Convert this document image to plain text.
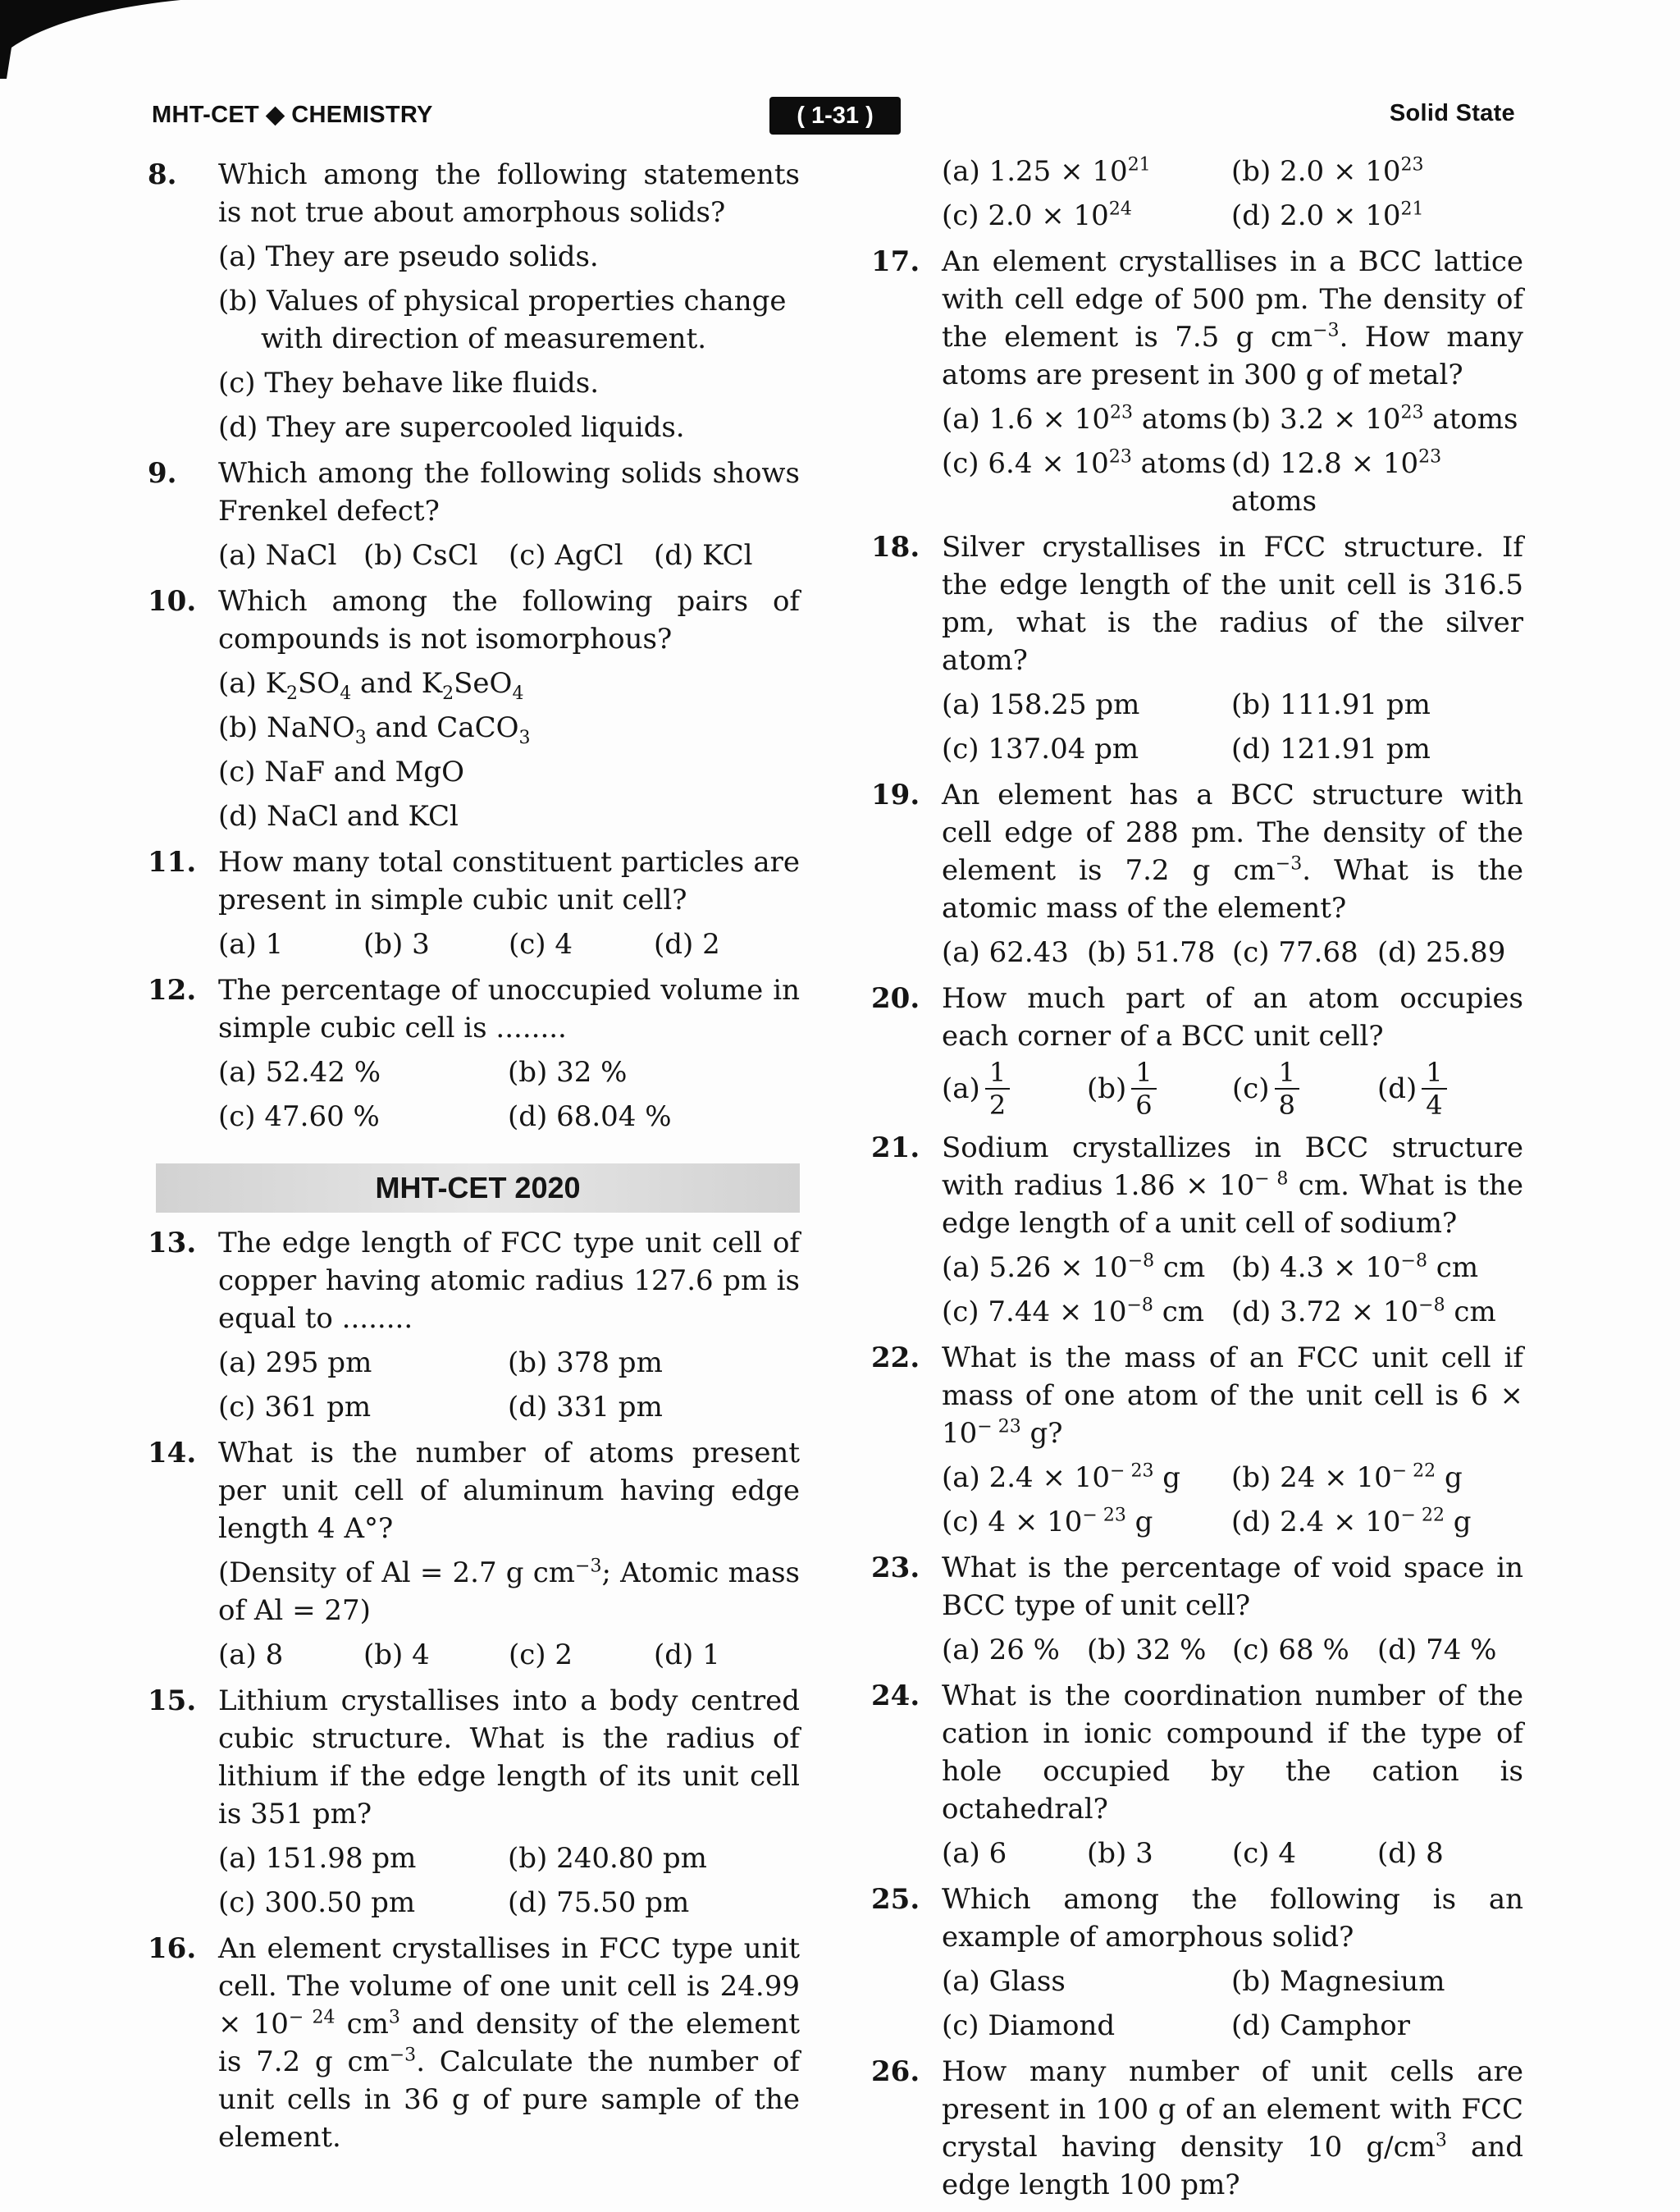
MHT-CET ◆ CHEMISTRY	( 1-31 )	Solid State
8. Which among the following statements is not true about amorphous solids?
(a) They are pseudo solids.
(b) Values of physical properties change with direction of measurement.
(c) They behave like fluids.
(d) They are supercooled liquids.
9. Which among the following solids shows Frenkel defect?
(a) NaCl (b) CsCl	(c) AgCl	(d) KCl
10. Which among the following pairs of compounds is not isomorphous?
(a) $K_2SO_4$ and $K_2SeO_4$
(b) NaNO$_3$ and CaCO$_3$
(c) NaF and MgO
(d) NaCl and KCl
11. How many total constituent particles are present in simple cubic unit cell?
(a) 1	(b) 3	(c) 4	(d) 2
12. The percentage of unoccupied volume in simple cubic cell is ........
(a) 52.42 %	(b) 32 %
(c) 47.60 %	(d) 68.04 %
MHT-CET 2020
13. The edge length of FCC type unit cell of copper having atomic radius 127.6 pm is equal to ........
(a) 295 pm	(b) 378 pm
(c) 361 pm	(d) 331 pm
14. What is the number of atoms present per unit cell of aluminum having edge length 4 A°?
(Density of Al = 2.7 g $cm^{-3}$; Atomic mass of Al = 27)
(a) 8	(b) 4	(c) 2	(d) 1
15. Lithium crystallises into a body centred cubic structure. What is the radius of lithium if the edge length of its unit cell is 351 pm?
(a) 151.98 pm	(b) 240.80 pm
(c) 300.50 pm	(d) 75.50 pm
16. An element crystallises in FCC type unit cell. The volume of one unit cell is $24.99 \times 10^{- 24}$ $cm^3$ and density of the element is 7.2 g $cm^{-3}$. Calculate the number of unit cells in 36 g of pure sample of the element.
(a) $1.25 \times 10^{21}$	(b) $2.0 \times 10^{23}$
(c) $2.0 \times 10^{24}$	(d) $2.0 \times 10^{21}$
17. An element crystallises in a BCC lattice with cell edge of 500 pm. The density of the element is 7.5 g $cm^{-3}$. How many atoms are present in 300 g of metal?
(a) $1.6 \times 10^{23}$ atoms (b) $3.2 \times 10^{23}$ atoms
(c) $6.4 \times 10^{23}$ atoms (d) $12.8 \times 10^{23}$ atoms
18. Silver crystallises in FCC structure. If the edge length of the unit cell is 316.5 pm, what is the radius of the silver atom?
(a) 158.25 pm	(b) 111.91 pm
(c) 137.04 pm	(d) 121.91 pm
19. An element has a BCC structure with cell edge of 288 pm. The density of the element is 7.2 g $cm^{-3}$. What is the atomic mass of the element?
(a) 62.43 (b) 51.78 (c) 77.68 (d) 25.89
20. How much part of an atom occupies each corner of a BCC unit cell?
$(a) \frac{1}{2}$	$(b) \frac{1}{6}$	$(c) \frac{1}{8}$	$(d) \frac{1}{4}$
21. Sodium crystallizes in BCC structure with radius $1.86 \times 10^{- 8}$ cm. What is the edge length of a unit cell of sodium?
(a) $5.26 \times 10^{-8}$ cm (b) $4.3 \times 10^{-8}$ cm
(c) $7.44 \times 10^{-8}$ cm (d) $3.72 \times 10^{-8}$ cm
22. What is the mass of an FCC unit cell if mass of one atom of the unit cell is $6 \times 10^{- 23}$ g?
(a) $2.4 \times 10^{- 23}$ g	(b) $24 \times 10^{- 22}$ g
(c) $4 \times 10^{- 23}$ g	(d) $2.4 \times 10^{- 22}$ g
23. What is the percentage of void space in BCC type of unit cell?
(a) 26 % (b) 32 % (c) 68 %	(d) 74 %
24. What is the coordination number of the cation in ionic compound if the type of hole occupied by the cation is octahedral?
(a) 6	(b) 3	(c) 4	(d) 8
25. Which among the following is an example of amorphous solid?
(a) Glass	(b) Magnesium
(c) Diamond	(d) Camphor
26. How many number of unit cells are present in 100 g of an element with FCC crystal having density 10 $g/cm^3$ and edge length 100 pm?
